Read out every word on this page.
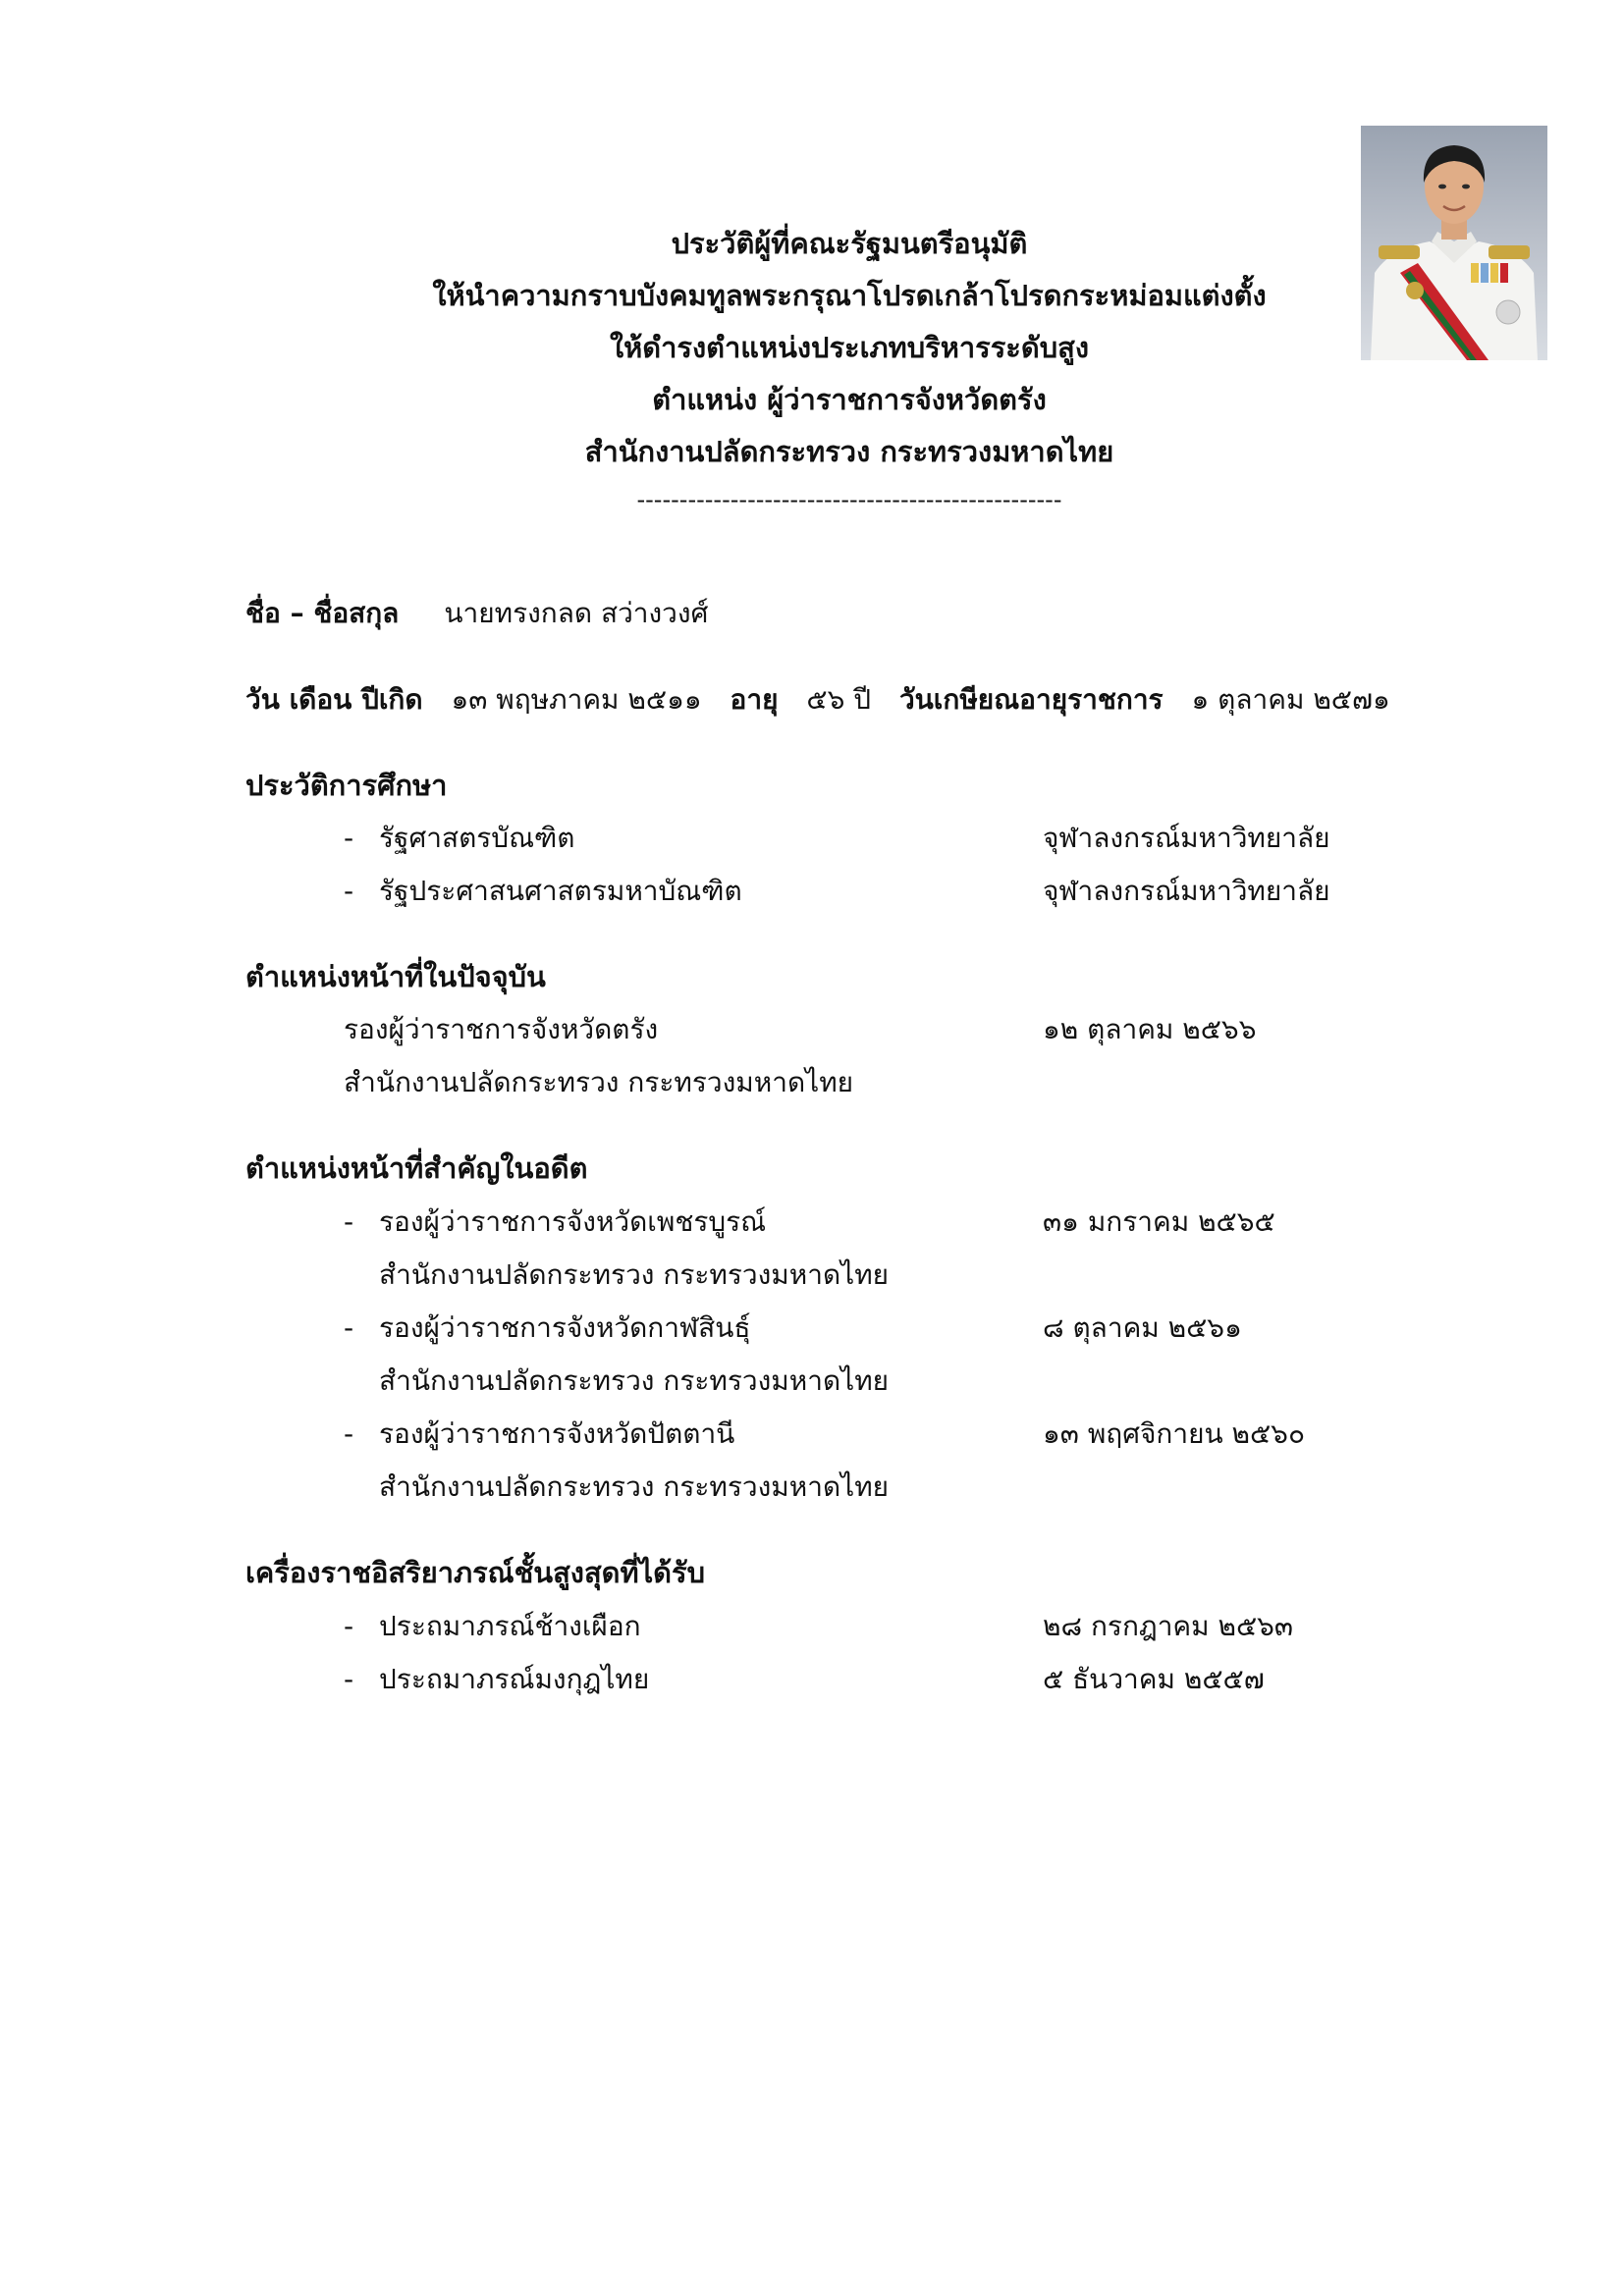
ประวัติผู้ที่คณะรัฐมนตรีอนุมัติ
ให้นำความกราบบังคมทูลพระกรุณาโปรดเกล้าโปรดกระหม่อมแต่งตั้ง
ให้ดำรงตำแหน่งประเภทบริหารระดับสูง
ตำแหน่ง ผู้ว่าราชการจังหวัดตรัง
สำนักงานปลัดกระทรวง กระทรวงมหาดไทย
--------------------------------------------------
ชื่อ – ชื่อสกุล นายทรงกลด สว่างวงศ์
วัน เดือน ปีเกิด ๑๓ พฤษภาคม ๒๕๑๑ อายุ ๕๖ ปี วันเกษียณอายุราชการ ๑ ตุลาคม ๒๕๗๑
ประวัติการศึกษา
- รัฐศาสตรบัณฑิต	จุฬาลงกรณ์มหาวิทยาลัย
- รัฐประศาสนศาสตรมหาบัณฑิต	จุฬาลงกรณ์มหาวิทยาลัย
ตำแหน่งหน้าที่ในปัจจุบัน
รองผู้ว่าราชการจังหวัดตรัง	๑๒ ตุลาคม ๒๕๖๖
สำนักงานปลัดกระทรวง กระทรวงมหาดไทย
ตำแหน่งหน้าที่สำคัญในอดีต
- รองผู้ว่าราชการจังหวัดเพชรบูรณ์	๓๑ มกราคม ๒๕๖๕
สำนักงานปลัดกระทรวง กระทรวงมหาดไทย
- รองผู้ว่าราชการจังหวัดกาฬสินธุ์	๘ ตุลาคม ๒๕๖๑
สำนักงานปลัดกระทรวง กระทรวงมหาดไทย
- รองผู้ว่าราชการจังหวัดปัตตานี	๑๓ พฤศจิกายน ๒๕๖๐
สำนักงานปลัดกระทรวง กระทรวงมหาดไทย
เครื่องราชอิสริยาภรณ์ชั้นสูงสุดที่ได้รับ
- ประถมาภรณ์ช้างเผือก	๒๘ กรกฎาคม ๒๕๖๓
- ประถมาภรณ์มงกุฎไทย	๕ ธันวาคม ๒๕๕๗
